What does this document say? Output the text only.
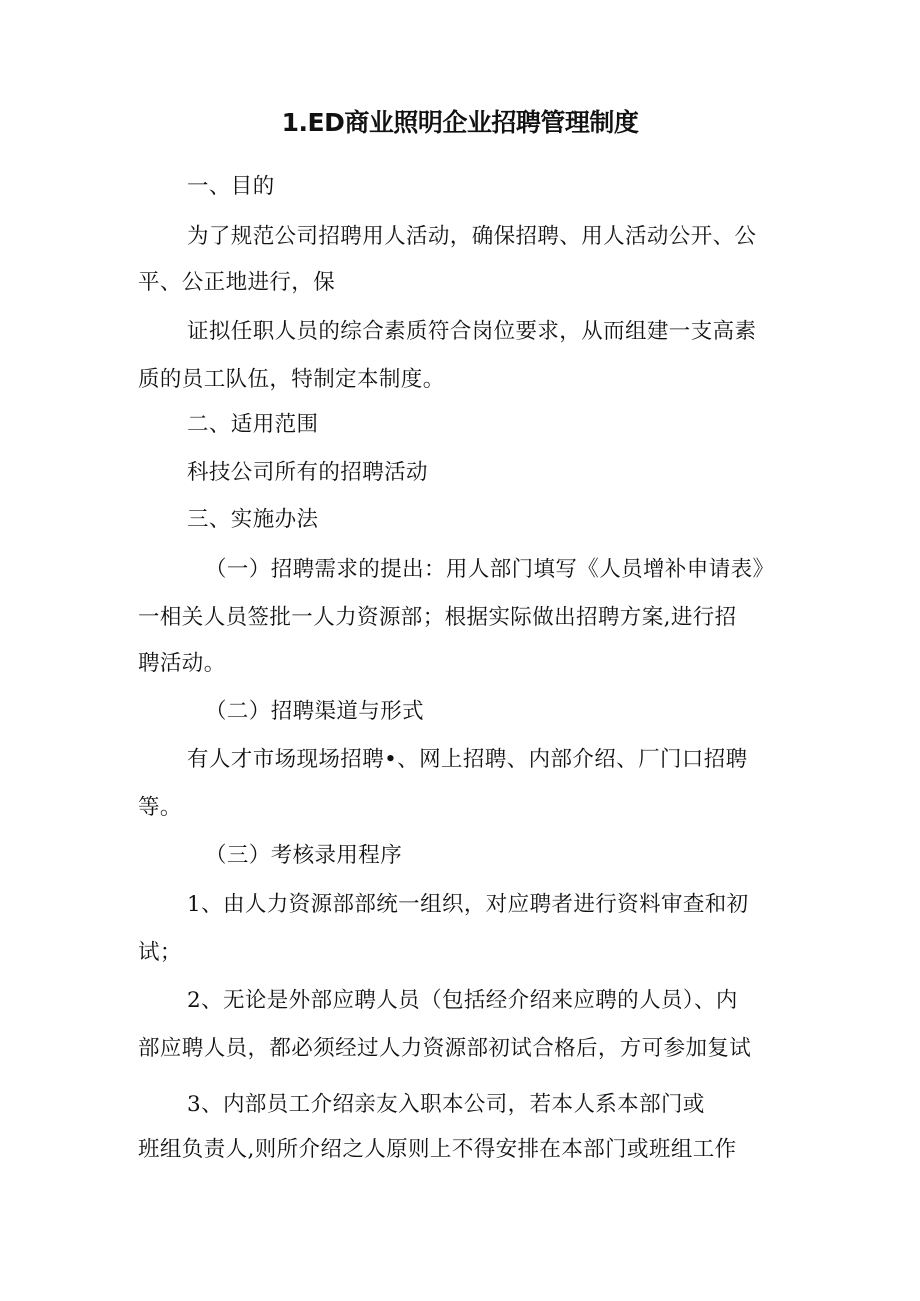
1.ED商业照明企业招聘管理制度
一、目的
为了规范公司招聘用人活动，确保招聘、用人活动公开、公
平、公正地进行，保
证拟任职人员的综合素质符合岗位要求，从而组建一支高素
质的员工队伍，特制定本制度。
二、适用范围
科技公司所有的招聘活动
三、实施办法
（一）招聘需求的提出：用人部门填写《人员增补申请表》
一相关人员签批一人力资源部；根据实际做出招聘方案,进行招
聘活动。
（二）招聘渠道与形式
有人才市场现场招聘•、网上招聘、内部介绍、厂门口招聘
等。
（三）考核录用程序
1、由人力资源部部统一组织，对应聘者进行资料审查和初
试；
2、无论是外部应聘人员（包括经介绍来应聘的人员）、内
部应聘人员，都必须经过人力资源部初试合格后，方可参加复试
3、内部员工介绍亲友入职本公司，若本人系本部门或
班组负责人,则所介绍之人原则上不得安排在本部门或班组工作
